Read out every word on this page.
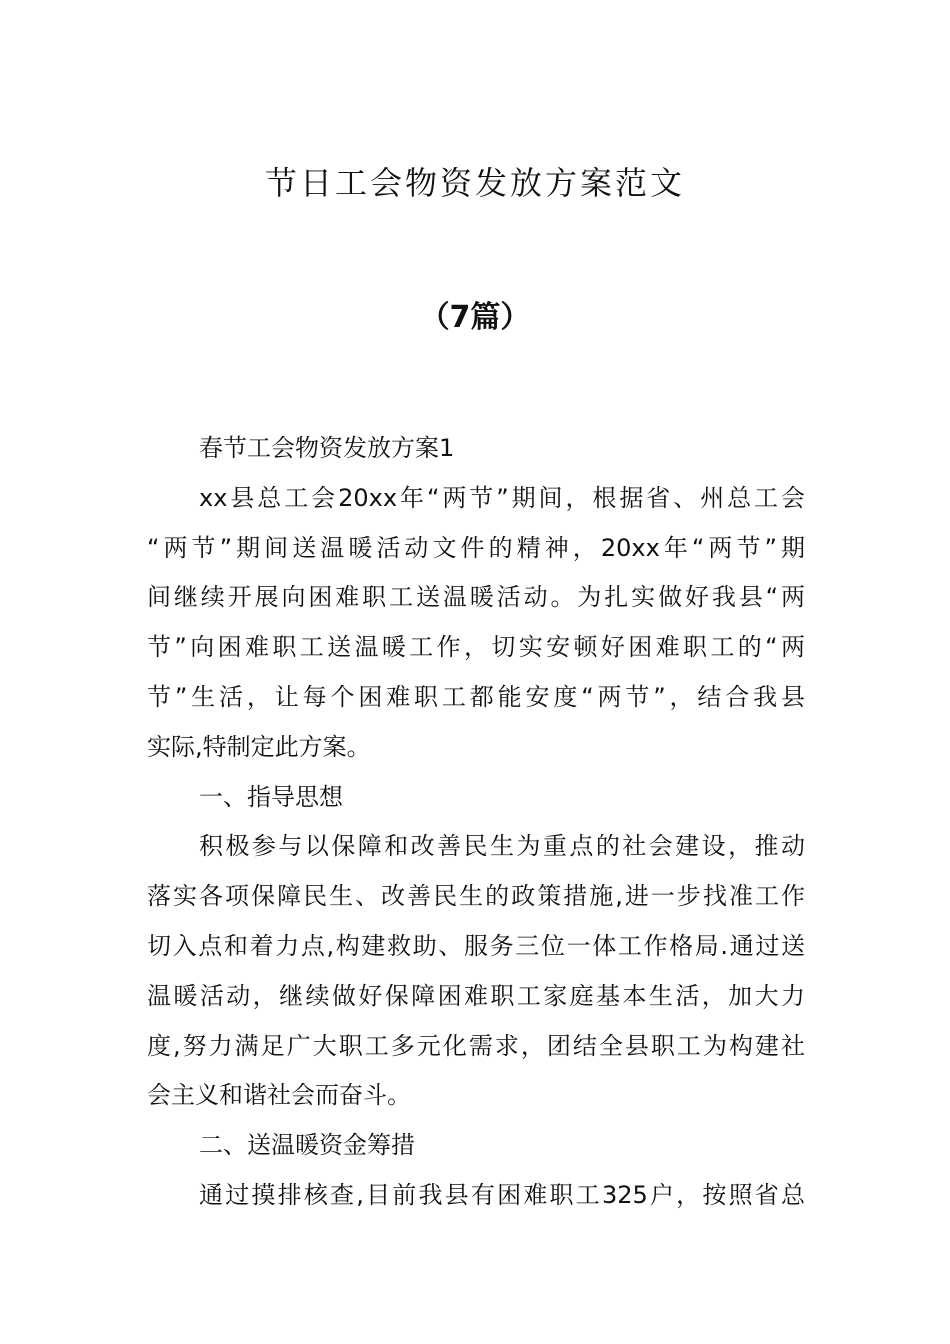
节日工会物资发放方案范文
（7篇）
春节工会物资发放方案1
xx县总工会20xx年“两节”期间，根据省、州总工会
“两节”期间送温暖活动文件的精神，20xx年“两节”期
间继续开展向困难职工送温暖活动。为扎实做好我县“两
节”向困难职工送温暖工作，切实安顿好困难职工的“两
节”生活，让每个困难职工都能安度“两节”，结合我县
实际,特制定此方案。
一、指导思想
积极参与以保障和改善民生为重点的社会建设，推动
落实各项保障民生、改善民生的政策措施,进一步找准工作
切入点和着力点,构建救助、服务三位一体工作格局.通过送
温暖活动，继续做好保障困难职工家庭基本生活，加大力
度,努力满足广大职工多元化需求，团结全县职工为构建社
会主义和谐社会而奋斗。
二、送温暖资金筹措
通过摸排核查,目前我县有困难职工325户，按照省总
